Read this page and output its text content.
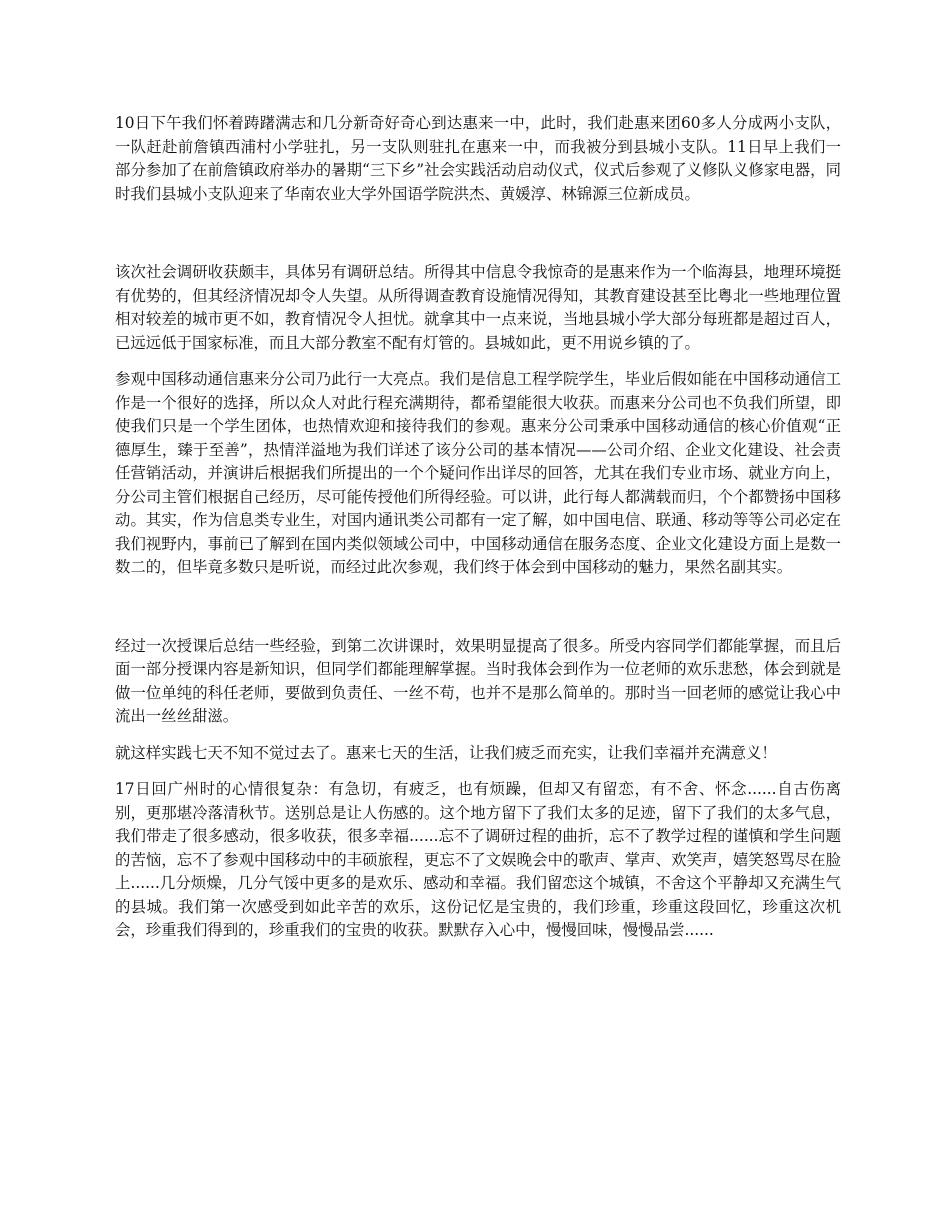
10日下午我们怀着踌躇满志和几分新奇好奇心到达惠来一中，此时，我们赴惠来团60多人分成两小支队，一队赶赴前詹镇西浦村小学驻扎，另一支队则驻扎在惠来一中，而我被分到县城小支队。11日早上我们一部分参加了在前詹镇政府举办的暑期“三下乡”社会实践活动启动仪式，仪式后参观了义修队义修家电器，同时我们县城小支队迎来了华南农业大学外国语学院洪杰、黄媛淳、林锦源三位新成员。

该次社会调研收获颇丰，具体另有调研总结。所得其中信息令我惊奇的是惠来作为一个临海县，地理环境挺有优势的，但其经济情况却令人失望。从所得调查教育设施情况得知，其教育建设甚至比粤北一些地理位置相对较差的城市更不如，教育情况令人担忧。就拿其中一点来说，当地县城小学大部分每班都是超过百人，已远远低于国家标准，而且大部分教室不配有灯管的。县城如此，更不用说乡镇的了。

参观中国移动通信惠来分公司乃此行一大亮点。我们是信息工程学院学生，毕业后假如能在中国移动通信工作是一个很好的选择，所以众人对此行程充满期待，都希望能很大收获。而惠来分公司也不负我们所望，即使我们只是一个学生团体，也热情欢迎和接待我们的参观。惠来分公司秉承中国移动通信的核心价值观“正德厚生，臻于至善”，热情洋溢地为我们详述了该分公司的基本情况——公司介绍、企业文化建设、社会责任营销活动，并演讲后根据我们所提出的一个个疑问作出详尽的回答，尤其在我们专业市场、就业方向上，分公司主管们根据自己经历，尽可能传授他们所得经验。可以讲，此行每人都满载而归，个个都赞扬中国移动。其实，作为信息类专业生，对国内通讯类公司都有一定了解，如中国电信、联通、移动等等公司必定在我们视野内，事前已了解到在国内类似领域公司中，中国移动通信在服务态度、企业文化建设方面上是数一数二的，但毕竟多数只是听说，而经过此次参观，我们终于体会到中国移动的魅力，果然名副其实。

经过一次授课后总结一些经验，到第二次讲课时，效果明显提高了很多。所受内容同学们都能掌握，而且后面一部分授课内容是新知识，但同学们都能理解掌握。当时我体会到作为一位老师的欢乐悲愁，体会到就是做一位单纯的科任老师，要做到负责任、一丝不苟，也并不是那么简单的。那时当一回老师的感觉让我心中流出一丝丝甜滋。

就这样实践七天不知不觉过去了。惠来七天的生活，让我们疲乏而充实，让我们幸福并充满意义！

17日回广州时的心情很复杂：有急切，有疲乏，也有烦躁，但却又有留恋，有不舍、怀念......自古伤离别，更那堪冷落清秋节。送别总是让人伤感的。这个地方留下了我们太多的足迹，留下了我们的太多气息，我们带走了很多感动，很多收获，很多幸福......忘不了调研过程的曲折，忘不了教学过程的谨慎和学生问题的苦恼，忘不了参观中国移动中的丰硕旅程，更忘不了文娱晚会中的歌声、掌声、欢笑声，嬉笑怒骂尽在脸上......几分烦燥，几分气馁中更多的是欢乐、感动和幸福。我们留恋这个城镇，不舍这个平静却又充满生气的县城。我们第一次感受到如此辛苦的欢乐，这份记忆是宝贵的，我们珍重，珍重这段回忆，珍重这次机会，珍重我们得到的，珍重我们的宝贵的收获。默默存入心中，慢慢回味，慢慢品尝......
